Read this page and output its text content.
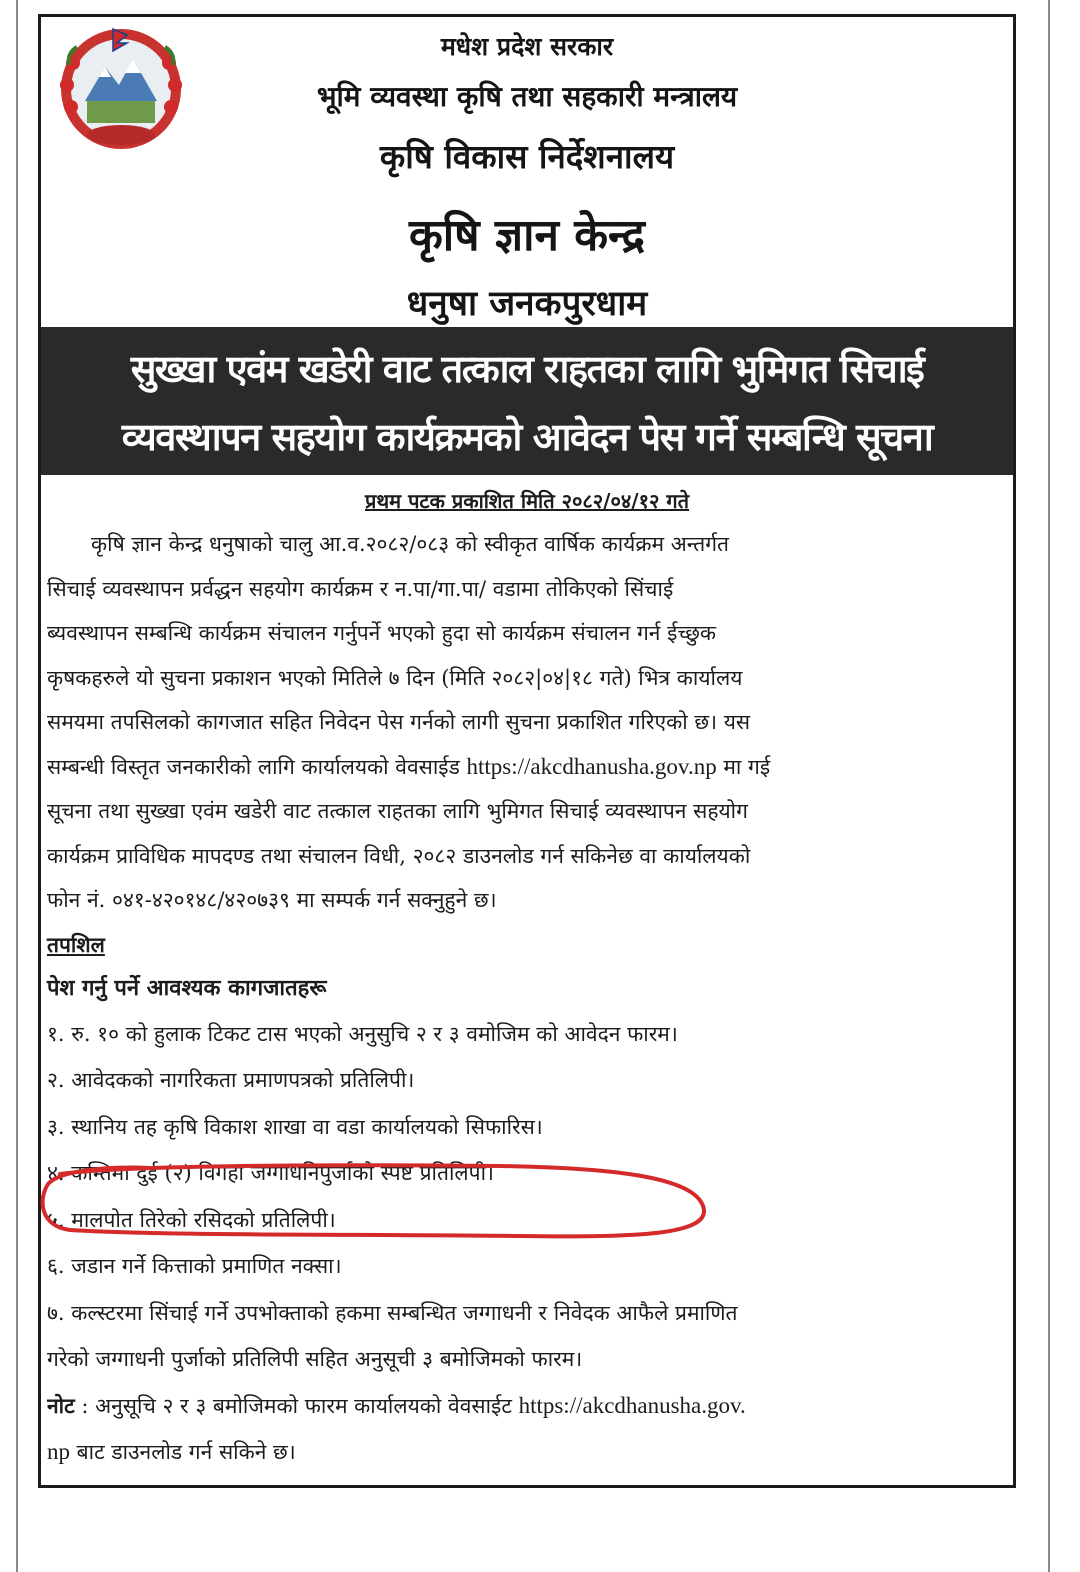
मधेश प्रदेश सरकार
भूमि व्यवस्था कृषि तथा सहकारी मन्त्रालय
कृषि विकास निर्देशनालय
कृषि ज्ञान केन्द्र
धनुषा जनकपुरधाम
सुख्खा एवंम खडेरी वाट तत्काल राहतका लागि भुमिगत सिचाई
व्यवस्थापन सहयोग कार्यक्रमको आवेदन पेस गर्ने सम्बन्धि सूचना
प्रथम पटक प्रकाशित मिति २०८२/०४/१२ गते

कृषि ज्ञान केन्द्र धनुषाको चालु आ.व.२०८२/०८३ को स्वीकृत वार्षिक कार्यक्रम अन्तर्गत

सिचाई व्यवस्थापन प्रर्वद्धन सहयोग कार्यक्रम र न.पा/गा.पा/ वडामा तोकिएको सिंचाई

ब्यवस्थापन सम्बन्धि कार्यक्रम संचालन गर्नुपर्ने भएको हुदा सो कार्यक्रम संचालन गर्न ईच्छुक

कृषकहरुले यो सुचना प्रकाशन भएको मितिले ७ दिन (मिति २०८२|०४|१८ गते) भित्र कार्यालय

समयमा तपसिलको कागजात सहित निवेदन पेस गर्नको लागी सुचना प्रकाशित गरिएको छ। यस

सम्बन्धी विस्तृत जनकारीको लागि कार्यालयको वेवसाईड https://akcdhanusha.gov.np मा गई

सूचना तथा सुख्खा एवंम खडेरी वाट तत्काल राहतका लागि भुमिगत सिचाई व्यवस्थापन सहयोग

कार्यक्रम प्राविधिक मापदण्ड तथा संचालन विधी, २०८२ डाउनलोड गर्न सकिनेछ वा कार्यालयको

फोन नं. ०४१-४२०१४८/४२०७३९ मा सम्पर्क गर्न सक्नुहुने छ।

तपशिल
पेश गर्नु पर्ने आवश्यक कागजातहरू
१. रु. १० को हुलाक टिकट टास भएको अनुसुचि २ र ३ वमोजिम को आवेदन फारम।
२. आवेदकको नागरिकता प्रमाणपत्रको प्रतिलिपी।
३. स्थानिय तह कृषि विकाश शाखा वा वडा कार्यालयको सिफारिस।
४. कम्तिमा दुई (२) विगहा जग्गाधनिपुर्जाको स्पष्ट प्रतिलिपी।
५. मालपोत तिरेको रसिदको प्रतिलिपी।
६. जडान गर्ने कित्ताको प्रमाणित नक्सा।
७. कल्स्टरमा सिंचाई गर्ने उपभोक्ताको हकमा सम्बन्धित जग्गाधनी र निवेदक आफैले प्रमाणित
गरेको जग्गाधनी पुर्जाको प्रतिलिपी सहित अनुसूची ३ बमोजिमको फारम।
नोट : अनुसूचि २ र ३ बमोजिमको फारम कार्यालयको वेवसाईट https://akcdhanusha.gov.
np बाट डाउनलोड गर्न सकिने छ।
